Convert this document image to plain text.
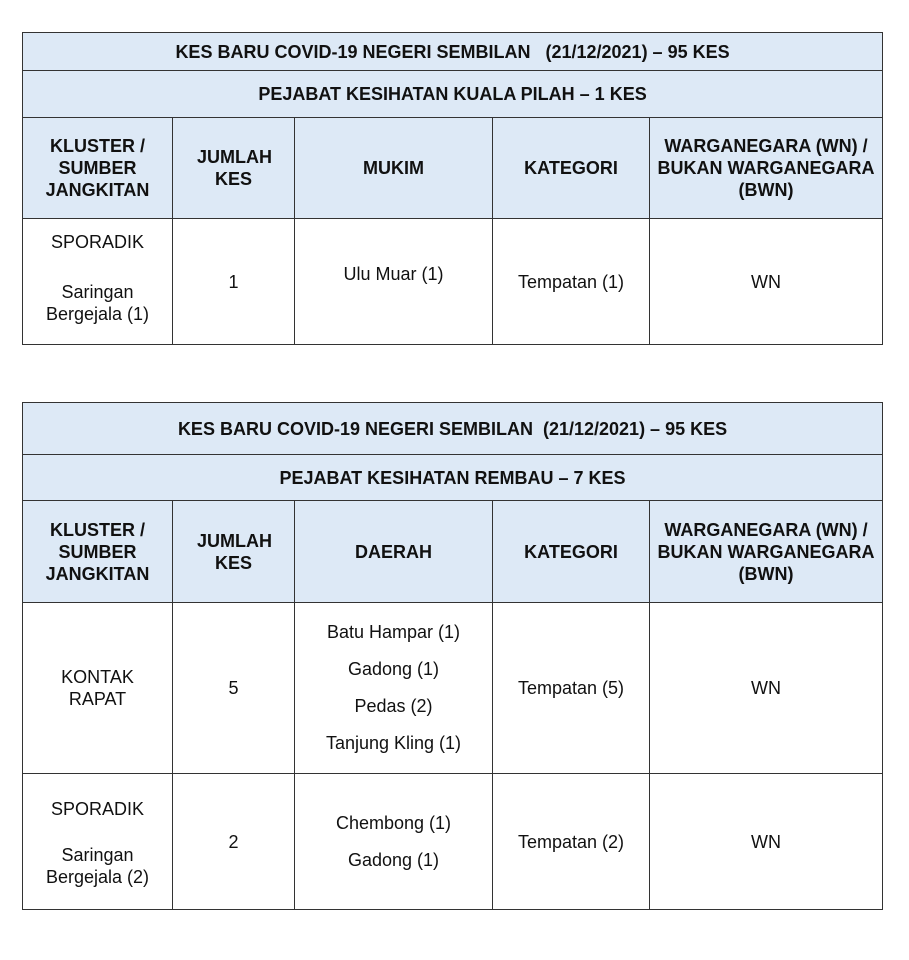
KES BARU COVID-19 NEGERI SEMBILAN   (21/12/2021) – 95 KES				
PEJABAT KESIHATAN KUALA PILAH – 1 KES				
KLUSTER / SUMBER JANGKITAN	JUMLAH KES	MUKIM	KATEGORI	WARGANEGARA (WN) / BUKAN WARGANEGARA (BWN)

SPORADIK
Saringan Bergejala (1)	1	Ulu Muar (1)	Tempatan (1)	WN
KES BARU COVID-19 NEGERI SEMBILAN  (21/12/2021) – 95 KES				
PEJABAT KESIHATAN REMBAU – 7 KES				
KLUSTER / SUMBER JANGKITAN	JUMLAH KES	DAERAH	KATEGORI	WARGANEGARA (WN) / BUKAN WARGANEGARA (BWN)

KONTAK RAPAT	5	Batu Hampar (1)
Gadong (1)
Pedas (2)
Tanjung Kling (1)	Tempatan (5)	WN

SPORADIK
Saringan Bergejala (2)	2	Chembong (1)
Gadong (1)	Tempatan (2)	WN
